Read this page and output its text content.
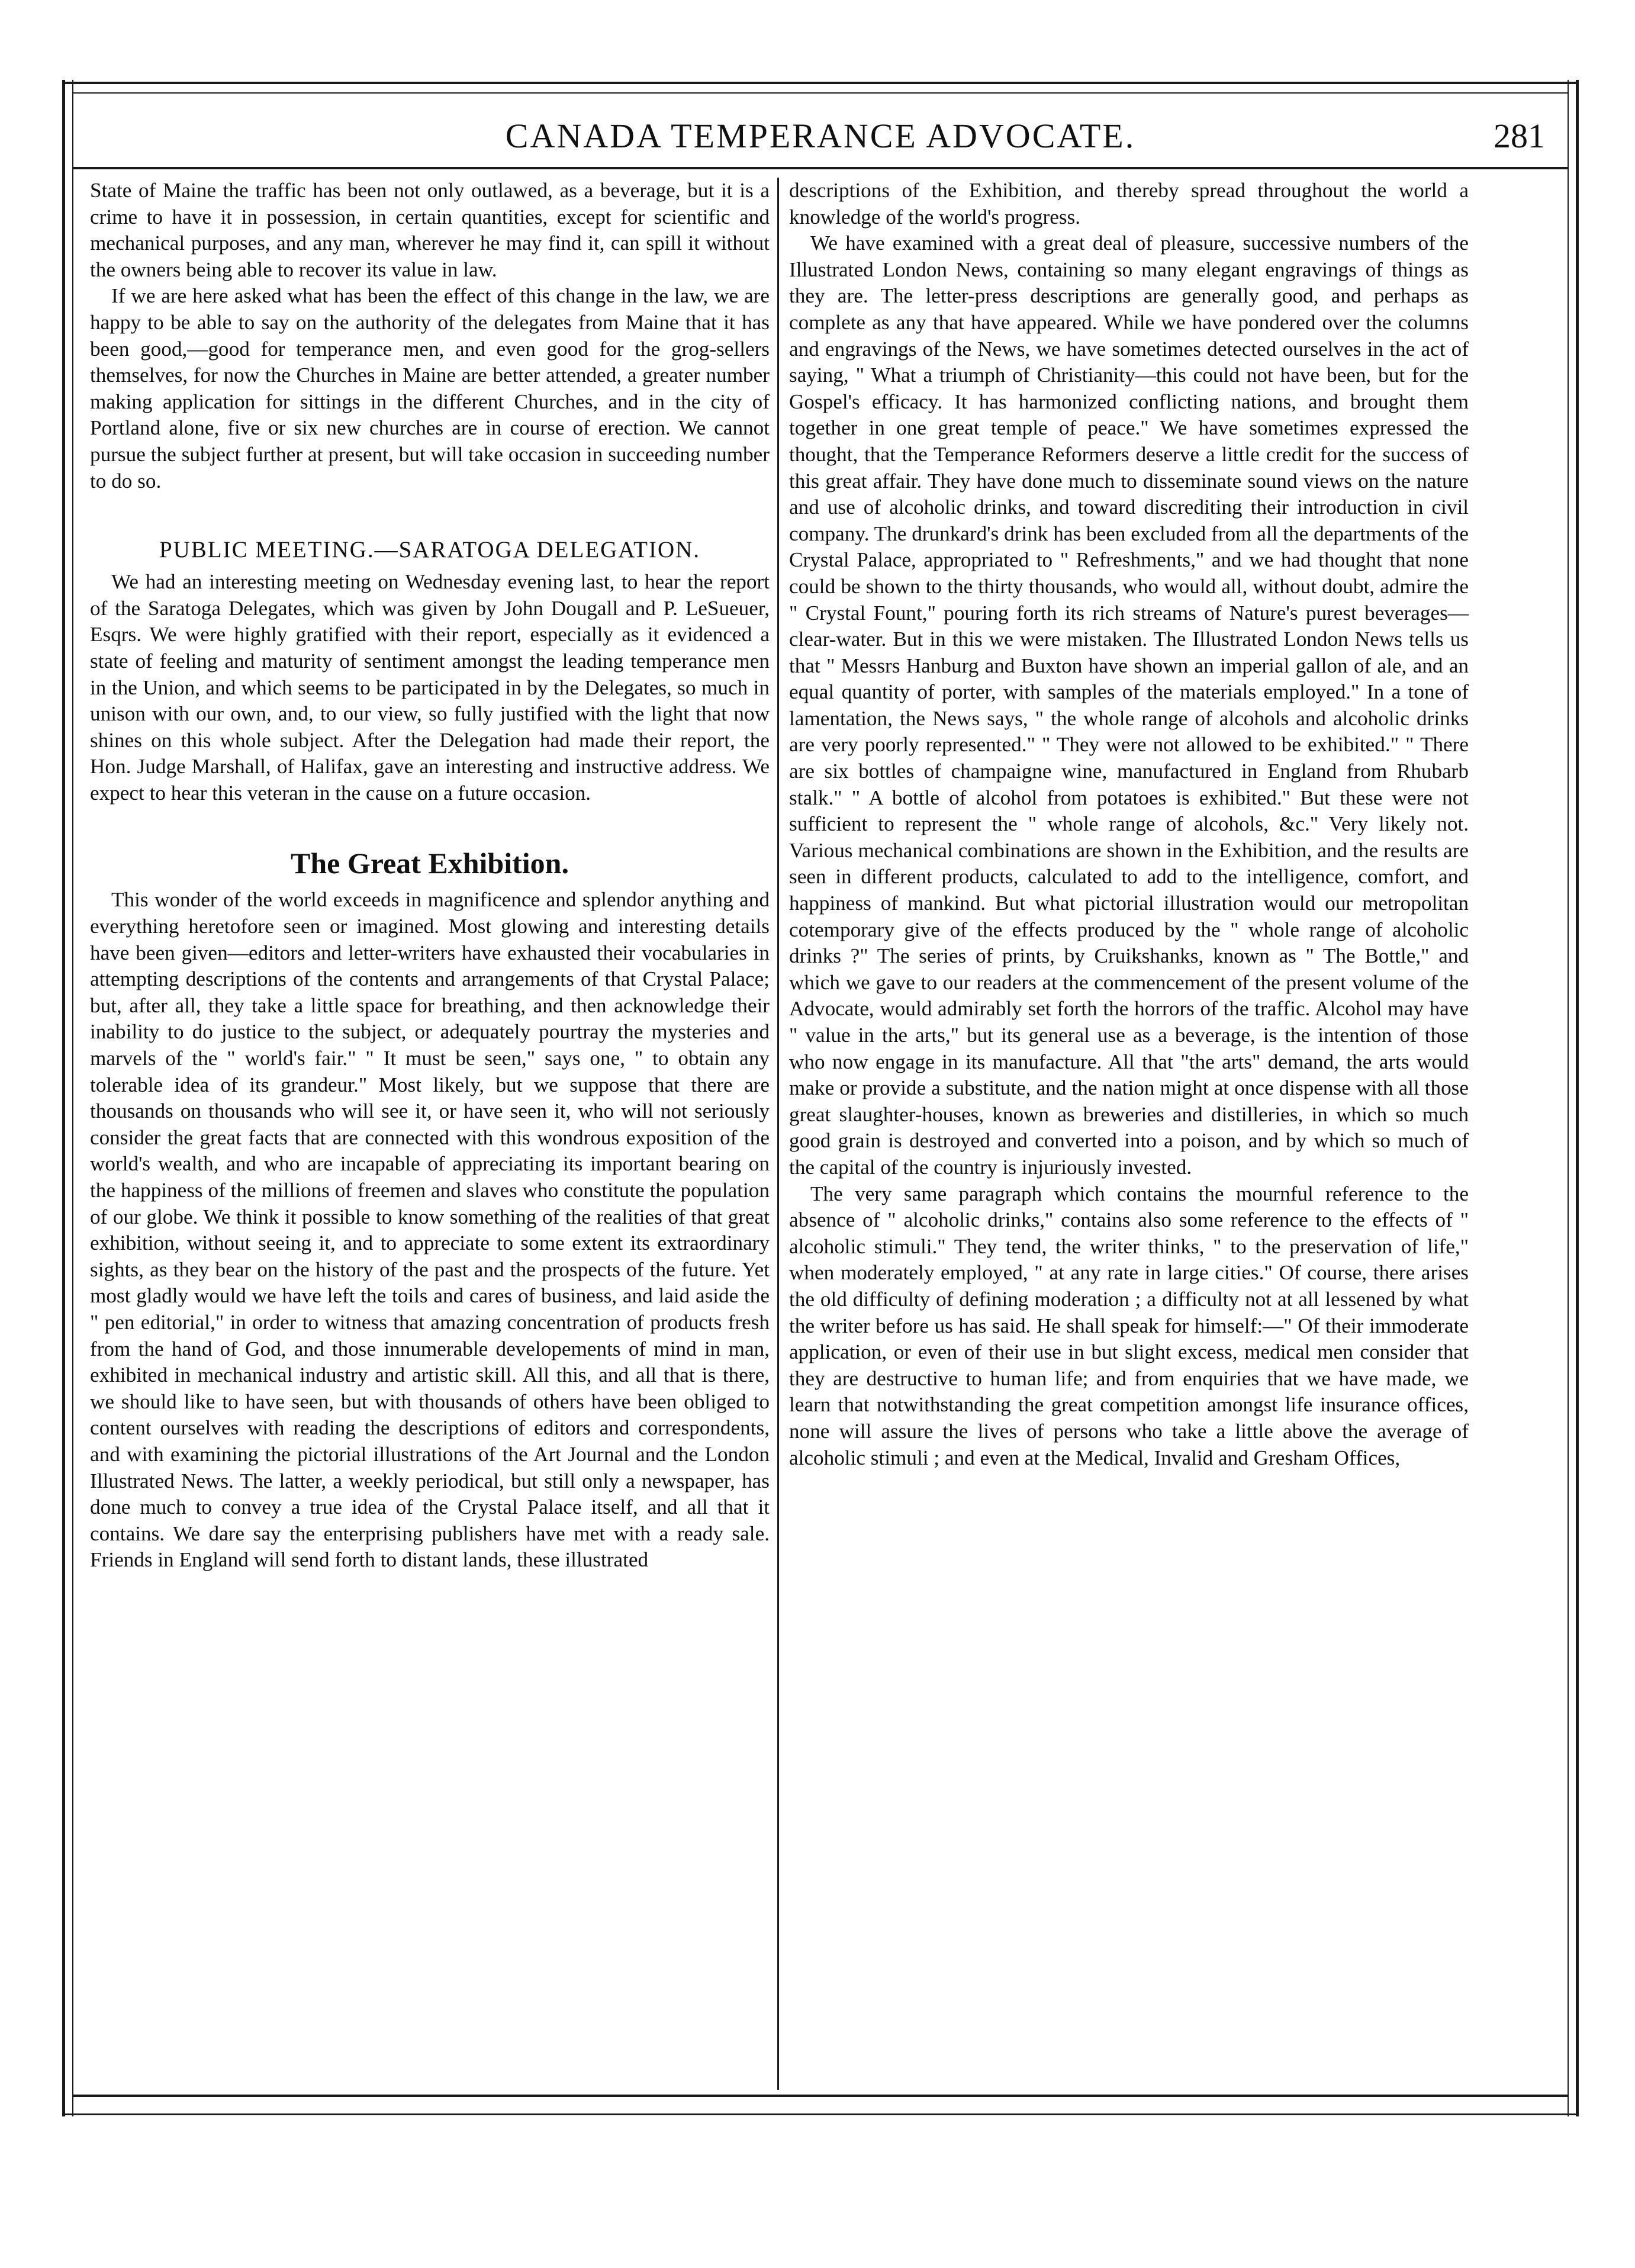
CANADA TEMPERANCE ADVOCATE.	281

State of Maine the traffic has been not only outlawed, as a beverage, but it is a crime to have it in possession, in certain quantities, except for scientific and mechanical purposes, and any man, wherever he may find it, can spill it without the owners being able to recover its value in law.

If we are here asked what has been the effect of this change in the law, we are happy to be able to say on the authority of the delegates from Maine that it has been good,—good for temperance men, and even good for the grog-sellers themselves, for now the Churches in Maine are better attended, a greater number making application for sittings in the different Churches, and in the city of Portland alone, five or six new churches are in course of erection. We cannot pursue the subject further at present, but will take occasion in succeeding number to do so.

PUBLIC MEETING.—SARATOGA DELEGATION.

We had an interesting meeting on Wednesday evening last, to hear the report of the Saratoga Delegates, which was given by John Dougall and P. LeSueuer, Esqrs. We were highly gratified with their report, especially as it evidenced a state of feeling and maturity of sentiment amongst the leading temperance men in the Union, and which seems to be participated in by the Delegates, so much in unison with our own, and, to our view, so fully justified with the light that now shines on this whole subject. After the Delegation had made their report, the Hon. Judge Marshall, of Halifax, gave an interesting and instructive address. We expect to hear this veteran in the cause on a future occasion.

The Great Exhibition.

This wonder of the world exceeds in magnificence and splendor anything and everything heretofore seen or imagined. Most glowing and interesting details have been given—editors and letter-writers have exhausted their vocabularies in attempting descriptions of the contents and arrangements of that Crystal Palace; but, after all, they take a little space for breathing, and then acknowledge their inability to do justice to the subject, or adequately pourtray the mysteries and marvels of the " world's fair." " It must be seen," says one, " to obtain any tolerable idea of its grandeur." Most likely, but we suppose that there are thousands on thousands who will see it, or have seen it, who will not seriously consider the great facts that are connected with this wondrous exposition of the world's wealth, and who are incapable of appreciating its important bearing on the happiness of the millions of freemen and slaves who constitute the population of our globe. We think it possible to know something of the realities of that great exhibition, without seeing it, and to appreciate to some extent its extraordinary sights, as they bear on the history of the past and the prospects of the future. Yet most gladly would we have left the toils and cares of business, and laid aside the " pen editorial," in order to witness that amazing concentration of products fresh from the hand of God, and those innumerable developements of mind in man, exhibited in mechanical industry and artistic skill. All this, and all that is there, we should like to have seen, but with thousands of others have been obliged to content ourselves with reading the descriptions of editors and correspondents, and with examining the pictorial illustrations of the Art Journal and the London Illustrated News. The latter, a weekly periodical, but still only a newspaper, has done much to convey a true idea of the Crystal Palace itself, and all that it contains. We dare say the enterprising publishers have met with a ready sale. Friends in England will send forth to distant lands, these illustrated

descriptions of the Exhibition, and thereby spread throughout the world a knowledge of the world's progress.

We have examined with a great deal of pleasure, successive numbers of the Illustrated London News, containing so many elegant engravings of things as they are. The letter-press descriptions are generally good, and perhaps as complete as any that have appeared. While we have pondered over the columns and engravings of the News, we have sometimes detected ourselves in the act of saying, " What a triumph of Christianity—this could not have been, but for the Gospel's efficacy. It has harmonized conflicting nations, and brought them together in one great temple of peace." We have sometimes expressed the thought, that the Temperance Reformers deserve a little credit for the success of this great affair. They have done much to disseminate sound views on the nature and use of alcoholic drinks, and toward discrediting their introduction in civil company. The drunkard's drink has been excluded from all the departments of the Crystal Palace, appropriated to " Refreshments," and we had thought that none could be shown to the thirty thousands, who would all, without doubt, admire the " Crystal Fount," pouring forth its rich streams of Nature's purest beverages—clear-water. But in this we were mistaken. The Illustrated London News tells us that " Messrs Hanburg and Buxton have shown an imperial gallon of ale, and an equal quantity of porter, with samples of the materials employed." In a tone of lamentation, the News says, " the whole range of alcohols and alcoholic drinks are very poorly represented." " They were not allowed to be exhibited." " There are six bottles of champaigne wine, manufactured in England from Rhubarb stalk." " A bottle of alcohol from potatoes is exhibited." But these were not sufficient to represent the " whole range of alcohols, &c." Very likely not. Various mechanical combinations are shown in the Exhibition, and the results are seen in different products, calculated to add to the intelligence, comfort, and happiness of mankind. But what pictorial illustration would our metropolitan cotemporary give of the effects produced by the " whole range of alcoholic drinks ?" The series of prints, by Cruikshanks, known as " The Bottle," and which we gave to our readers at the commencement of the present volume of the Advocate, would admirably set forth the horrors of the traffic. Alcohol may have " value in the arts," but its general use as a beverage, is the intention of those who now engage in its manufacture. All that "the arts" demand, the arts would make or provide a substitute, and the nation might at once dispense with all those great slaughter-houses, known as breweries and distilleries, in which so much good grain is destroyed and converted into a poison, and by which so much of the capital of the country is injuriously invested.

The very same paragraph which contains the mournful reference to the absence of " alcoholic drinks," contains also some reference to the effects of " alcoholic stimuli." They tend, the writer thinks, " to the preservation of life," when moderately employed, " at any rate in large cities." Of course, there arises the old difficulty of defining moderation ; a difficulty not at all lessened by what the writer before us has said. He shall speak for himself:—" Of their immoderate application, or even of their use in but slight excess, medical men consider that they are destructive to human life; and from enquiries that we have made, we learn that notwithstanding the great competition amongst life insurance offices, none will assure the lives of persons who take a little above the average of alcoholic stimuli ; and even at the Medical, Invalid and Gresham Offices,
